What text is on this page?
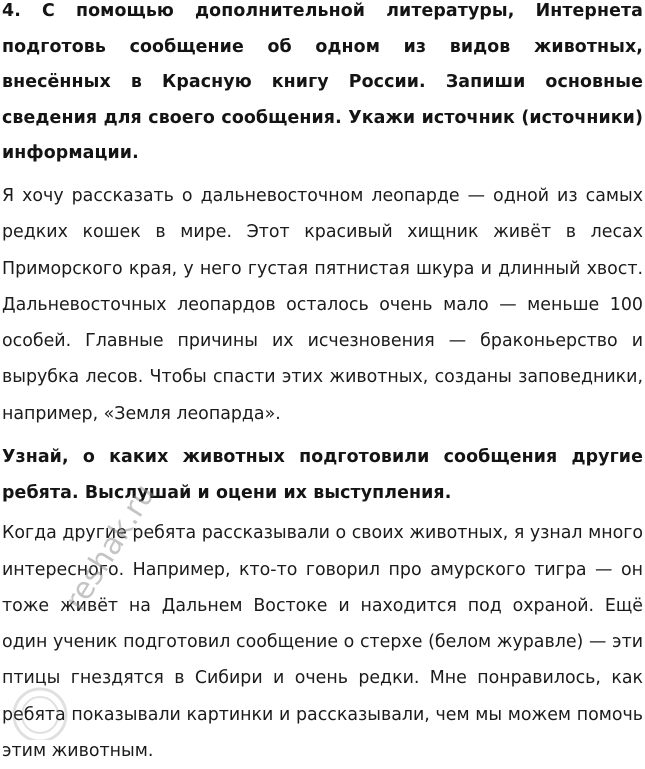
4. С помощью дополнительной литературы, Интернета подготовь сообщение об одном из видов животных, внесённых в Красную книгу России. Запиши основные сведения для своего сообщения. Укажи источник (источники) информации.

Я хочу рассказать о дальневосточном леопарде — одной из самых редких кошек в мире. Этот красивый хищник живёт в лесах Приморского края, у него густая пятнистая шкура и длинный хвост. Дальневосточных леопардов осталось очень мало — меньше 100 особей. Главные причины их исчезновения — браконьерство и вырубка лесов. Чтобы спасти этих животных, созданы заповедники, например, «Земля леопарда».

Узнай, о каких животных подготовили сообщения другие ребята. Выслушай и оцени их выступления.

Когда другие ребята рассказывали о своих животных, я узнал много интересного. Например, кто-то говорил про амурского тигра — он тоже живёт на Дальнем Востоке и находится под охраной. Ещё один ученик подготовил сообщение о стерхе (белом журавле) — эти птицы гнездятся в Сибири и очень редки. Мне понравилось, как ребята показывали картинки и рассказывали, чем мы можем помочь этим животным.

reshak.ru
